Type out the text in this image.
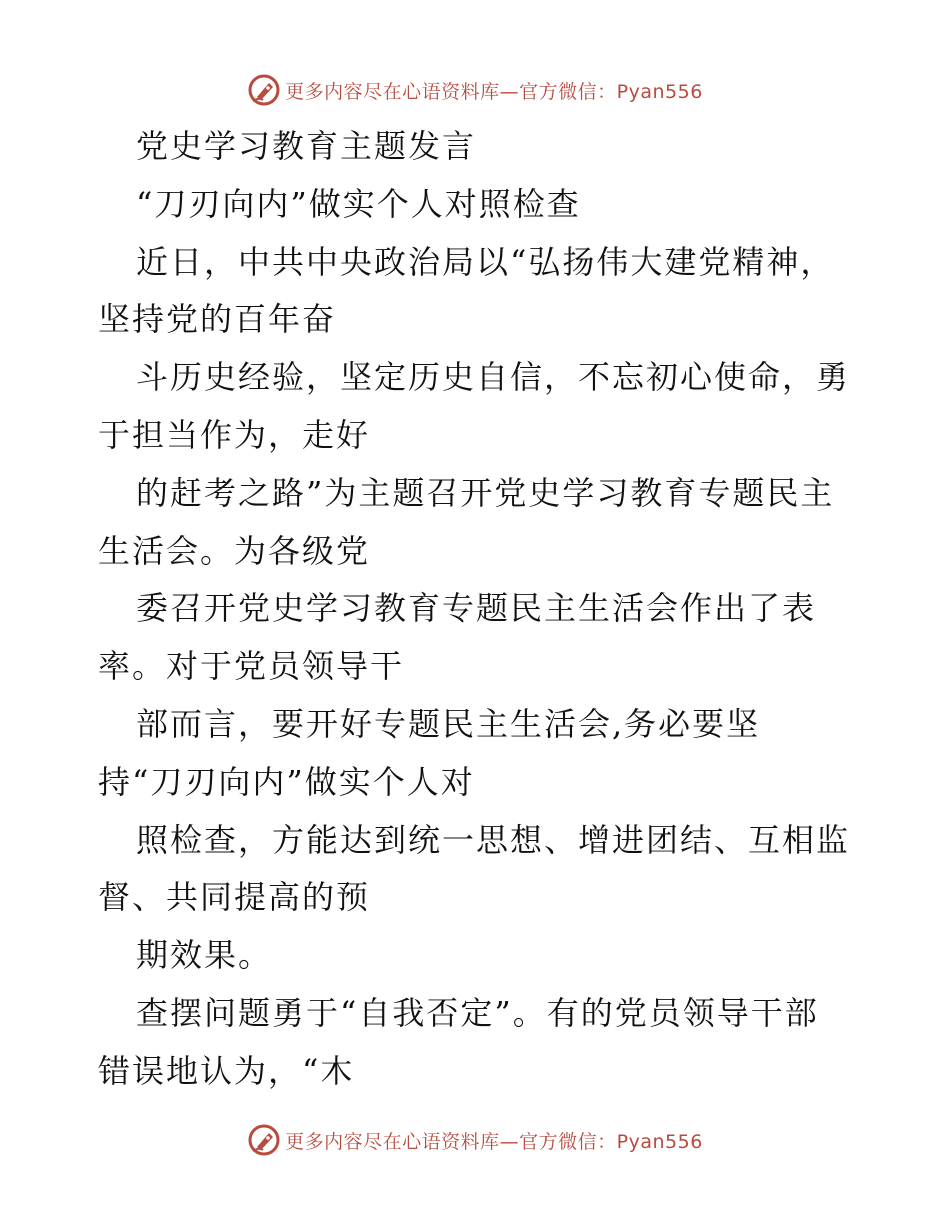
更多内容尽在心语资料库—官方微信：Pyan556
党史学习教育主题发言
“刀刃向内”做实个人对照检查
近日，中共中央政治局以“弘扬伟大建党精神，
坚持党的百年奋
斗历史经验，坚定历史自信，不忘初心使命，勇
于担当作为，走好
的赶考之路”为主题召开党史学习教育专题民主
生活会。为各级党
委召开党史学习教育专题民主生活会作出了表
率。对于党员领导干
部而言，要开好专题民主生活会,务必要坚
持“刀刃向内”做实个人对
照检查，方能达到统一思想、增进团结、互相监
督、共同提高的预
期效果。
查摆问题勇于“自我否定”。有的党员领导干部
错误地认为，“木
更多内容尽在心语资料库—官方微信：Pyan556
